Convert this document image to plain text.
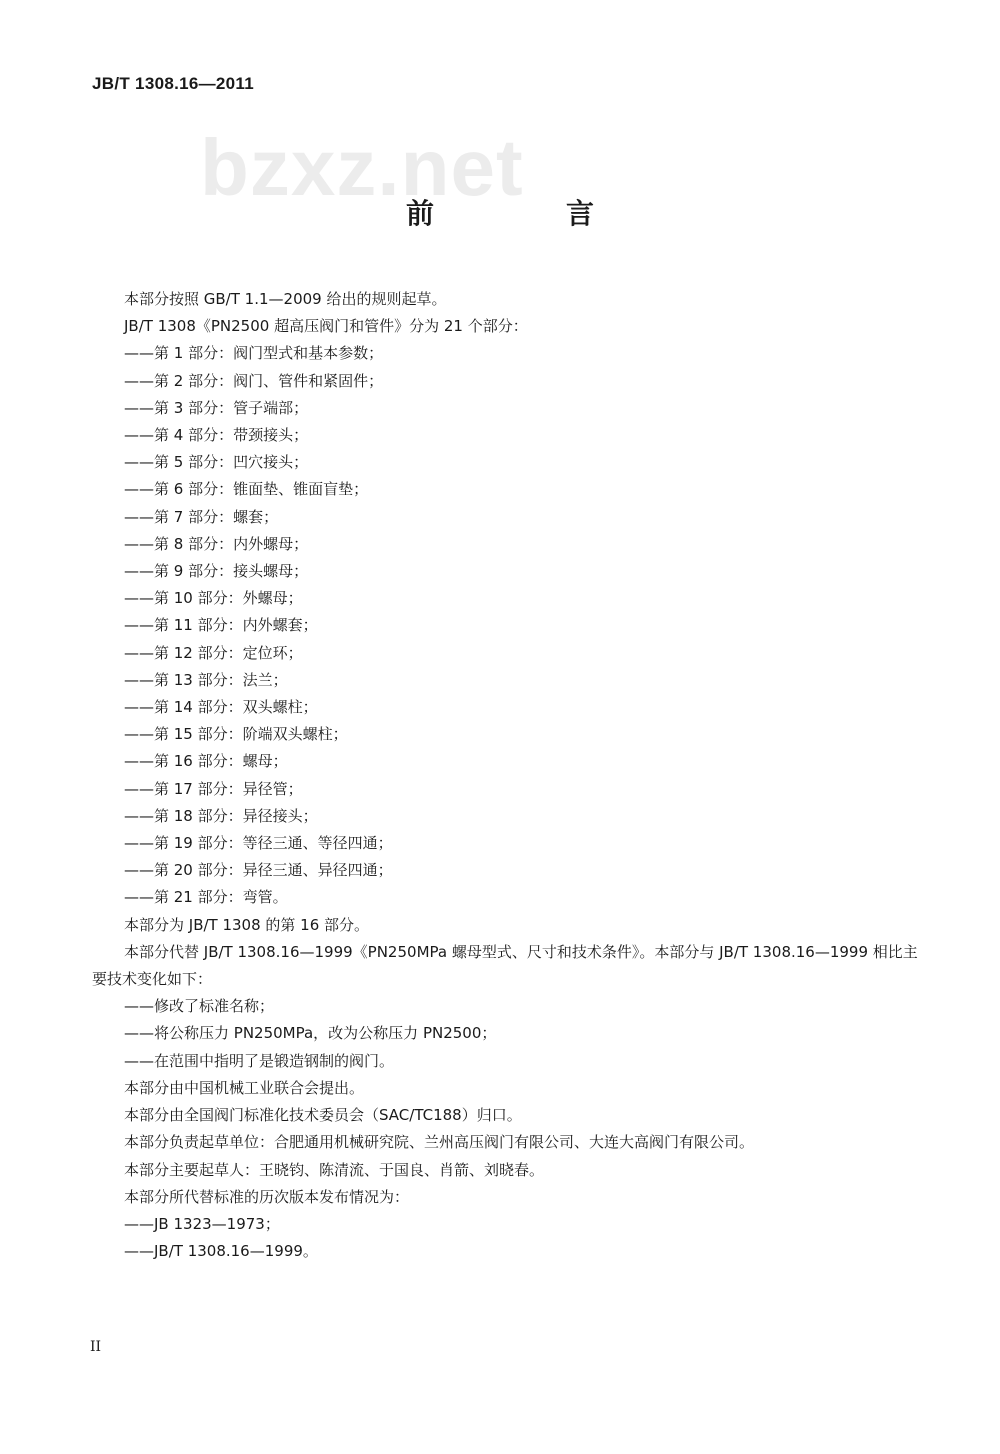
JB/T 1308.16—2011
bzxz.net
前　言

本部分按照 GB/T 1.1—2009 给出的规则起草。

JB/T 1308《PN2500 超高压阀门和管件》分为 21 个部分：

——第 1 部分：阀门型式和基本参数；

——第 2 部分：阀门、管件和紧固件；

——第 3 部分：管子端部；

——第 4 部分：带颈接头；

——第 5 部分：凹穴接头；

——第 6 部分：锥面垫、锥面盲垫；

——第 7 部分：螺套；

——第 8 部分：内外螺母；

——第 9 部分：接头螺母；

——第 10 部分：外螺母；

——第 11 部分：内外螺套；

——第 12 部分：定位环；

——第 13 部分：法兰；

——第 14 部分：双头螺柱；

——第 15 部分：阶端双头螺柱；

——第 16 部分：螺母；

——第 17 部分：异径管；

——第 18 部分：异径接头；

——第 19 部分：等径三通、等径四通；

——第 20 部分：异径三通、异径四通；

——第 21 部分：弯管。

本部分为 JB/T 1308 的第 16 部分。

本部分代替 JB/T 1308.16—1999《PN250MPa 螺母型式、尺寸和技术条件》。本部分与 JB/T 1308.16—1999 相比主要技术变化如下：

——修改了标准名称；

——将公称压力 PN250MPa，改为公称压力 PN2500；

——在范围中指明了是锻造钢制的阀门。

本部分由中国机械工业联合会提出。

本部分由全国阀门标准化技术委员会（SAC/TC188）归口。

本部分负责起草单位：合肥通用机械研究院、兰州高压阀门有限公司、大连大高阀门有限公司。

本部分主要起草人：王晓钧、陈清流、于国良、肖箭、刘晓春。

本部分所代替标准的历次版本发布情况为：

——JB 1323—1973；

——JB/T 1308.16—1999。

II
